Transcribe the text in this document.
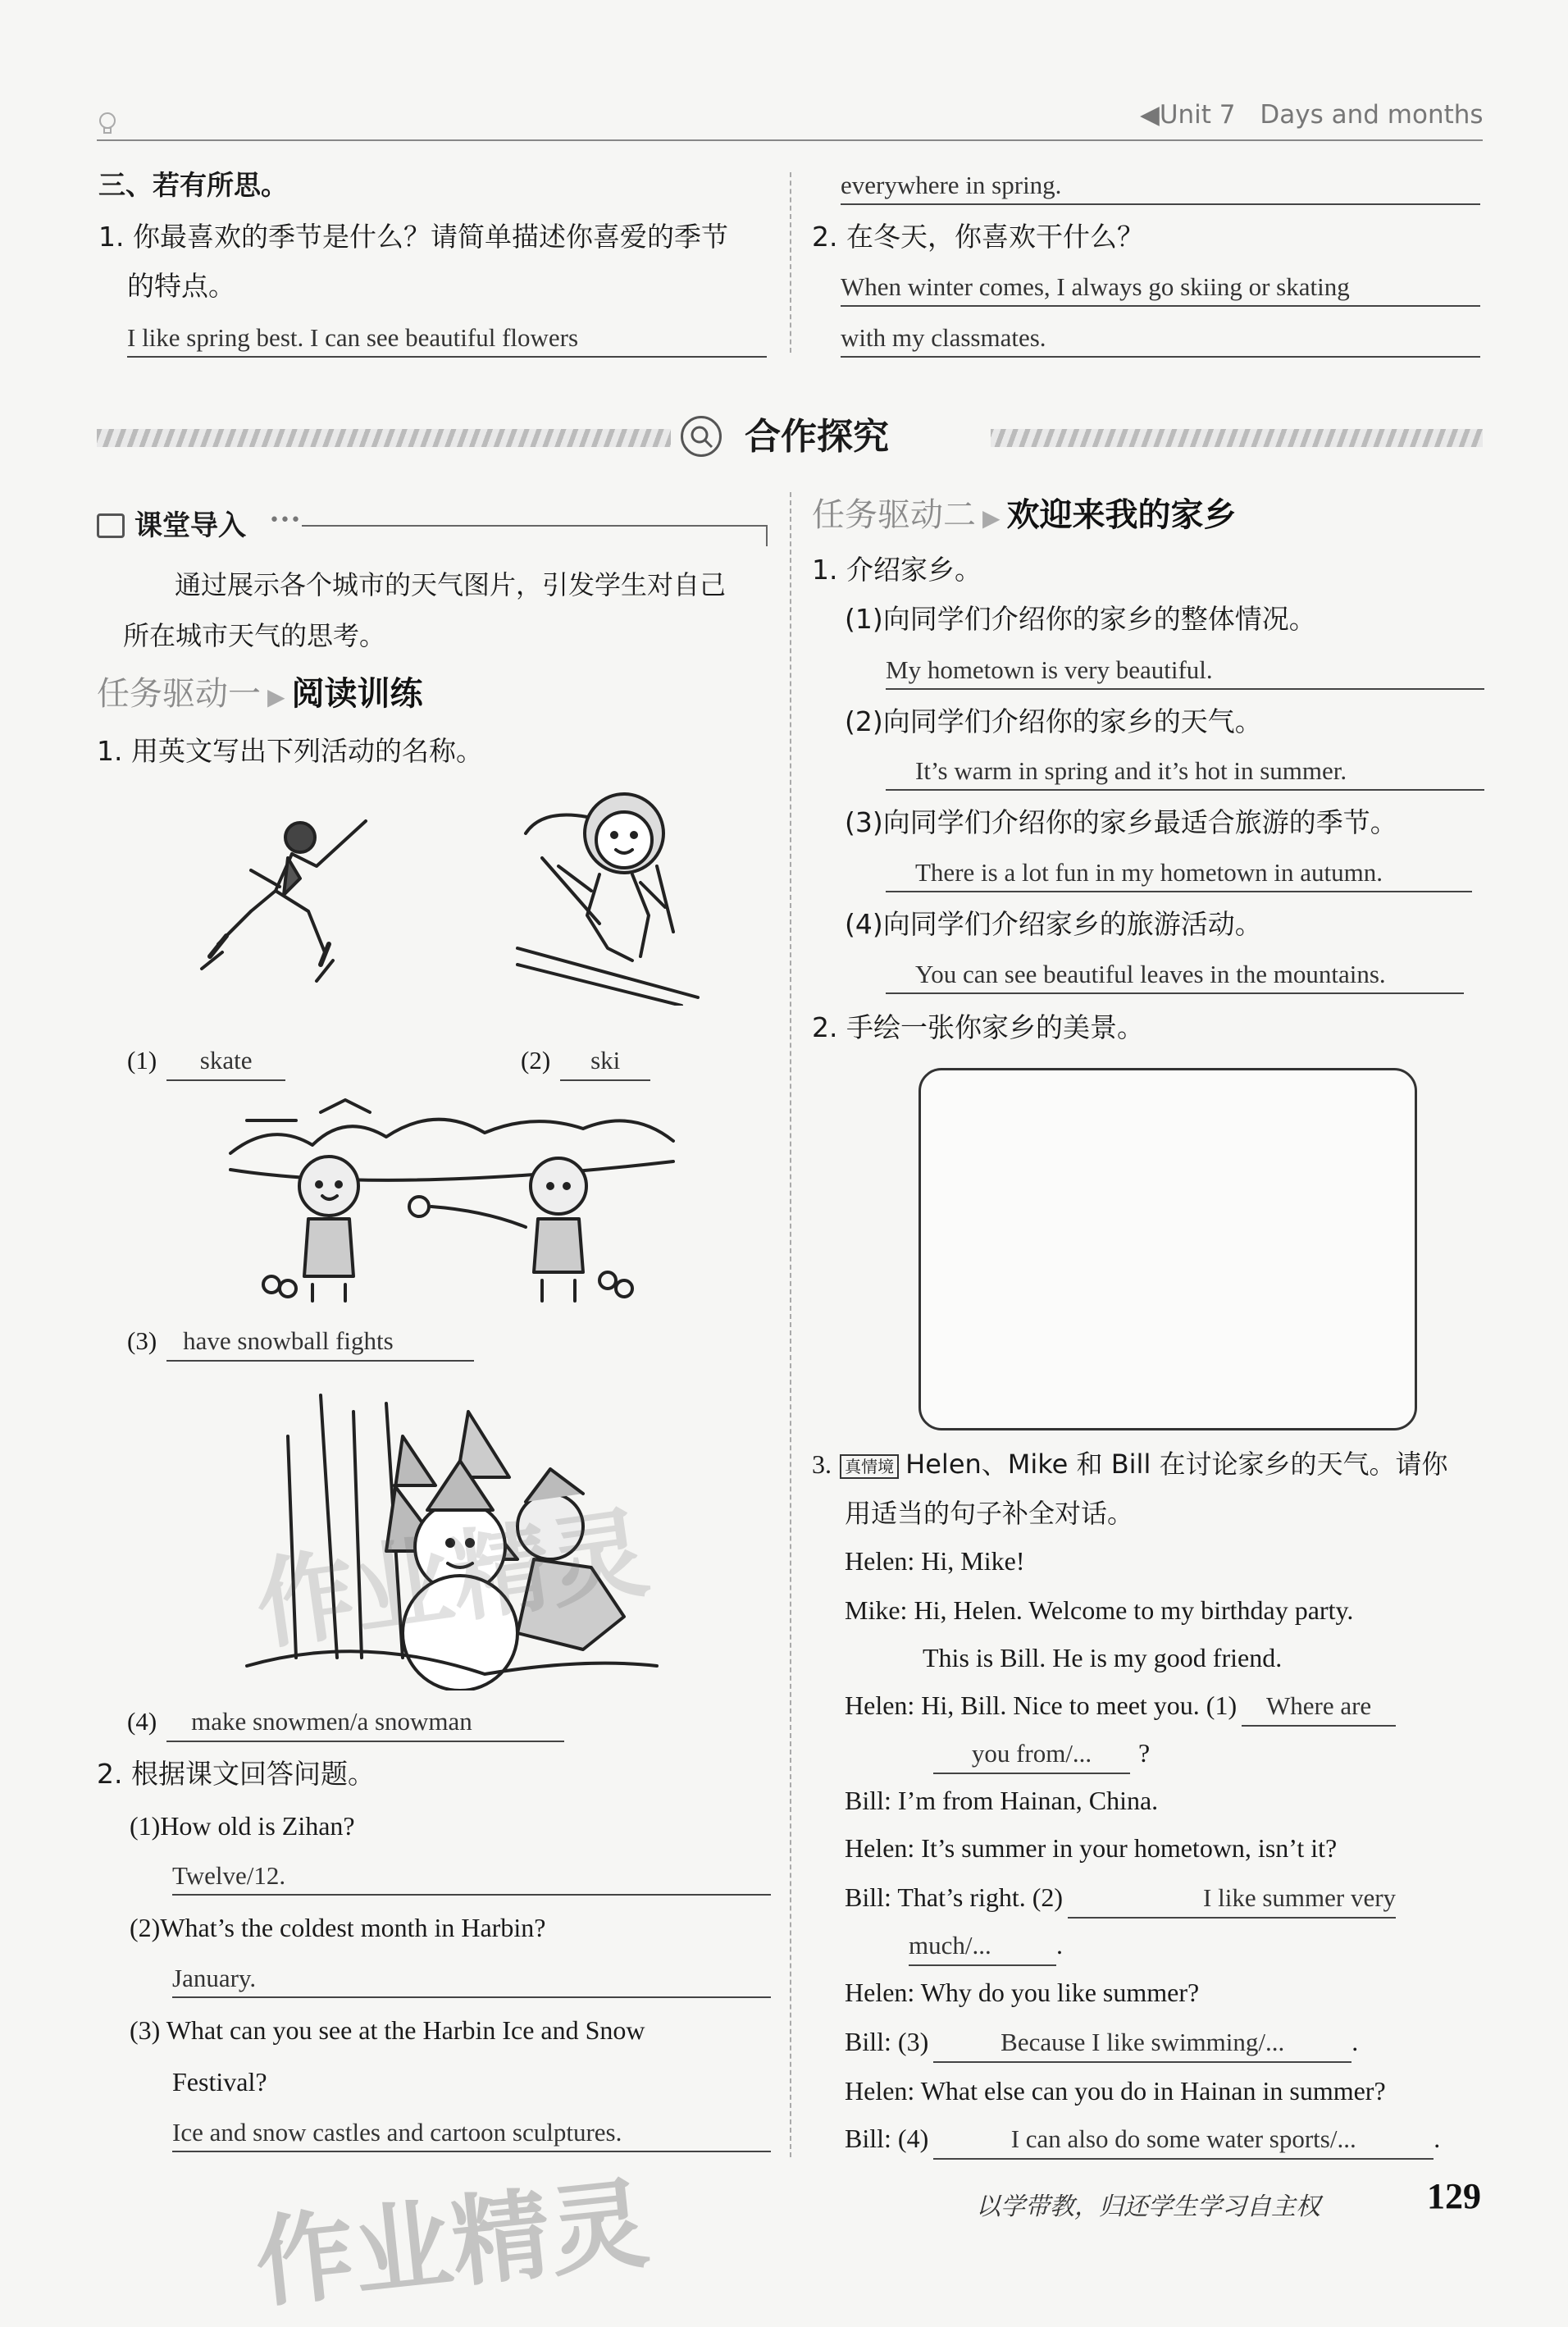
◀Unit 7 Days and months
三、若有所思。
1. 你最喜欢的季节是什么？请简单描述你喜爱的季节
的特点。
I like spring best. I can see beautiful flowers
everywhere in spring.
2. 在冬天，你喜欢干什么？
When winter comes, I always go skiing or skating
with my classmates.
合作探究
课堂导入 •••
通过展示各个城市的天气图片，引发学生对自己
所在城市天气的思考。
任务驱动一 ▶ 阅读训练
1. 用英文写出下列活动的名称。
(1) skate	(2) ski
(3) have snowball fights
(4) make snowmen/a snowman
2. 根据课文回答问题。
(1)How old is Zihan?
Twelve/12.
(2)What’s the coldest month in Harbin?
January.
(3) What can you see at the Harbin Ice and Snow
Festival?
Ice and snow castles and cartoon sculptures.
任务驱动二 ▶ 欢迎来我的家乡
1. 介绍家乡。
(1)向同学们介绍你的家乡的整体情况。
My hometown is very beautiful.
(2)向同学们介绍你的家乡的天气。
It’s warm in spring and it’s hot in summer.
(3)向同学们介绍你的家乡最适合旅游的季节。
There is a lot fun in my hometown in autumn.
(4)向同学们介绍家乡的旅游活动。
You can see beautiful leaves in the mountains.
2. 手绘一张你家乡的美景。
3. 真情境 Helen、Mike 和 Bill 在讨论家乡的天气。请你
用适当的句子补全对话。
Helen: Hi, Mike!
Mike: Hi, Helen. Welcome to my birthday party.
This is Bill. He is my good friend.
Helen: Hi, Bill. Nice to meet you. (1) Where are
you from/... ?
Bill: I’m from Hainan, China.
Helen: It’s summer in your hometown, isn’t it?
Bill: That’s right. (2)	I like summer very
much/... .
Helen: Why do you like summer?
Bill: (3)	Because I like swimming/...	.
Helen: What else can you do in Hainan in summer?
Bill: (4)	I can also do some water sports/...	.
以学带教，归还学生学习自主权	129
作业精灵
作业精灵
